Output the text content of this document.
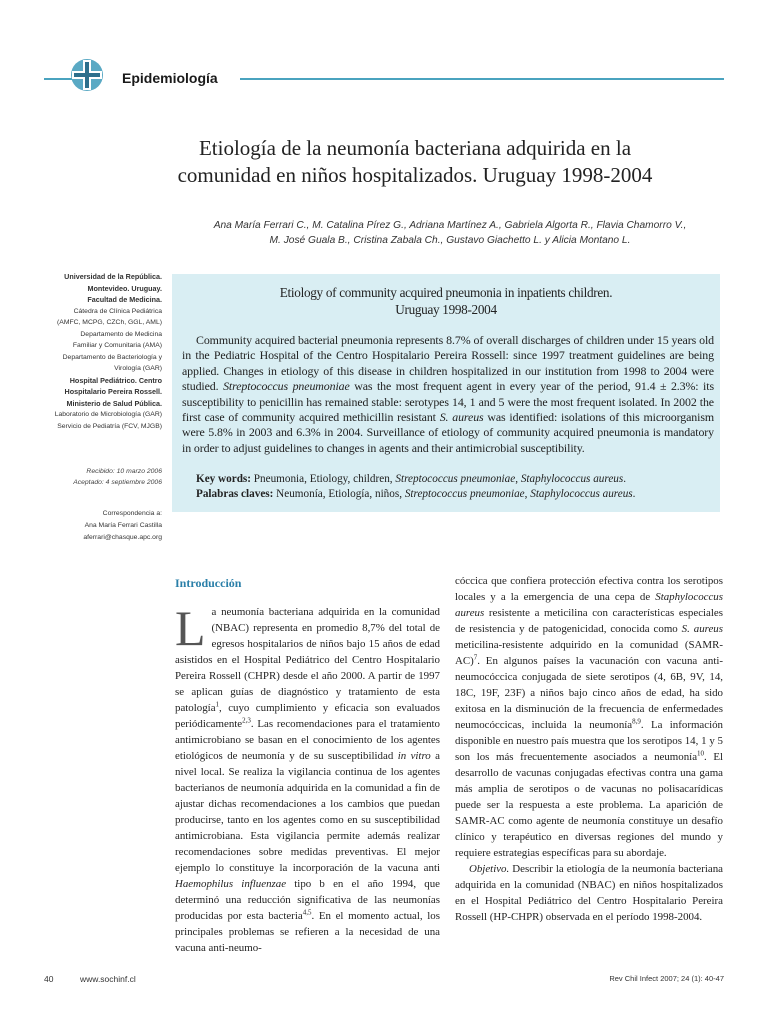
Epidemiología
Etiología de la neumonía bacteriana adquirida en la
comunidad en niños hospitalizados. Uruguay 1998-2004
Ana María Ferrari C., M. Catalina Pírez G., Adriana Martínez A., Gabriela Algorta R., Flavia Chamorro V.,
M. José Guala B., Cristina Zabala Ch., Gustavo Giachetto L. y Alicia Montano L.
Universidad de la República.
Montevideo. Uruguay.
Facultad de Medicina.
Cátedra de Clínica Pediátrica
(AMFC, MCPG, CZCh, GGL, AML)
Departamento de Medicina
Familiar y Comunitaria (AMA)
Departamento de Bacteriología y
Virología (GAR)
Hospital Pediátrico. Centro
Hospitalario Pereira Rossell.
Ministerio de Salud Pública.
Laboratorio de Microbiología (GAR)
Servicio de Pediatría (FCV, MJGB)
Recibido: 10 marzo 2006
Aceptado: 4 septiembre 2006
Correspondencia a:
Ana María Ferrari Castilla
aferrari@chasque.apc.org
Etiology of community acquired pneumonia in inpatients children.
Uruguay 1998-2004
Community acquired bacterial pneumonia represents 8.7% of overall discharges of children under 15 years old in the Pediatric Hospital of the Centro Hospitalario Pereira Rossell: since 1997 treatment guidelines are being applied. Changes in etiology of this disease in children hospitalized in our institution from 1998 to 2004 were studied. Streptococcus pneumoniae was the most frequent agent in every year of the period, 91.4 ± 2.3%: its susceptibility to penicillin has remained stable: serotypes 14, 1 and 5 were the most frequent isolated. In 2002 the first case of community acquired methicillin resistant S. aureus was identified: isolations of this microorganism were 5.8% in 2003 and 6.3% in 2004. Surveillance of etiology of community acquired pneumonia is mandatory in order to adjust guidelines to changes in agents and their antimicrobial susceptibility.
Key words: Pneumonia, Etiology, children, Streptococcus pneumoniae, Staphylococcus aureus.
Palabras claves: Neumonía, Etiología, niños, Streptococcus pneumoniae, Staphylococcus aureus.
Introducción
La neumonía bacteriana adquirida en la comunidad (NBAC) representa en promedio 8,7% del total de egresos hospitalarios de niños bajo 15 años de edad asistidos en el Hospital Pediátrico del Centro Hospitalario Pereira Rossell (CHPR) desde el año 2000. A partir de 1997 se aplican guías de diagnóstico y tratamiento de esta patología$^1$, cuyo cumplimiento y eficacia son evaluados periódicamente$^{2,3}$. Las recomendaciones para el tratamiento antimicrobiano se basan en el conocimiento de los agentes etiológicos de neumonía y de su susceptibilidad in vitro a nivel local. Se realiza la vigilancia continua de los agentes bacterianos de neumonía adquirida en la comunidad a fin de ajustar dichas recomendaciones a los cambios que puedan producirse, tanto en los agentes como en su susceptibilidad antimicrobiana. Esta vigilancia permite además realizar recomendaciones sobre medidas preventivas. El mejor ejemplo lo constituye la incorporación de la vacuna anti Haemophilus influenzae tipo b en el año 1994, que determinó una reducción significativa de las neumonías producidas por esta bacteria$^{4,5}$. En el momento actual, los principales problemas se refieren a la necesidad de una vacuna anti-neumo-
cóccica que confiera protección efectiva contra los serotipos locales y a la emergencia de una cepa de Staphylococcus aureus resistente a meticilina con características especiales de resistencia y de patogenicidad, conocida como S. aureus meticilina-resistente adquirido en la comunidad (SAMR-AC)$^7$. En algunos países la vacunación con vacuna anti-neumocóccica conjugada de siete serotipos (4, 6B, 9V, 14, 18C, 19F, 23F) a niños bajo cinco años de edad, ha sido exitosa en la disminución de la frecuencia de enfermedades neumocóccicas, incluida la neumonía$^{8,9}$. La información disponible en nuestro país muestra que los serotipos 14, 1 y 5 son los más frecuentemente asociados a neumonía$^{10}$. El desarrollo de vacunas conjugadas efectivas contra una gama más amplia de serotipos o de vacunas no polisacarídicas puede ser la respuesta a este problema. La aparición de SAMR-AC como agente de neumonía constituye un desafío clínico y terapéutico en diversas regiones del mundo y requiere estrategias específicas para su abordaje.
Objetivo. Describir la etiología de la neumonía bacteriana adquirida en la comunidad (NBAC) en niños hospitalizados en el Hospital Pediátrico del Centro Hospitalario Pereira Rossell (HP-CHPR) observada en el período 1998-2004.
40	www.sochinf.cl	Rev Chil Infect 2007; 24 (1): 40-47
